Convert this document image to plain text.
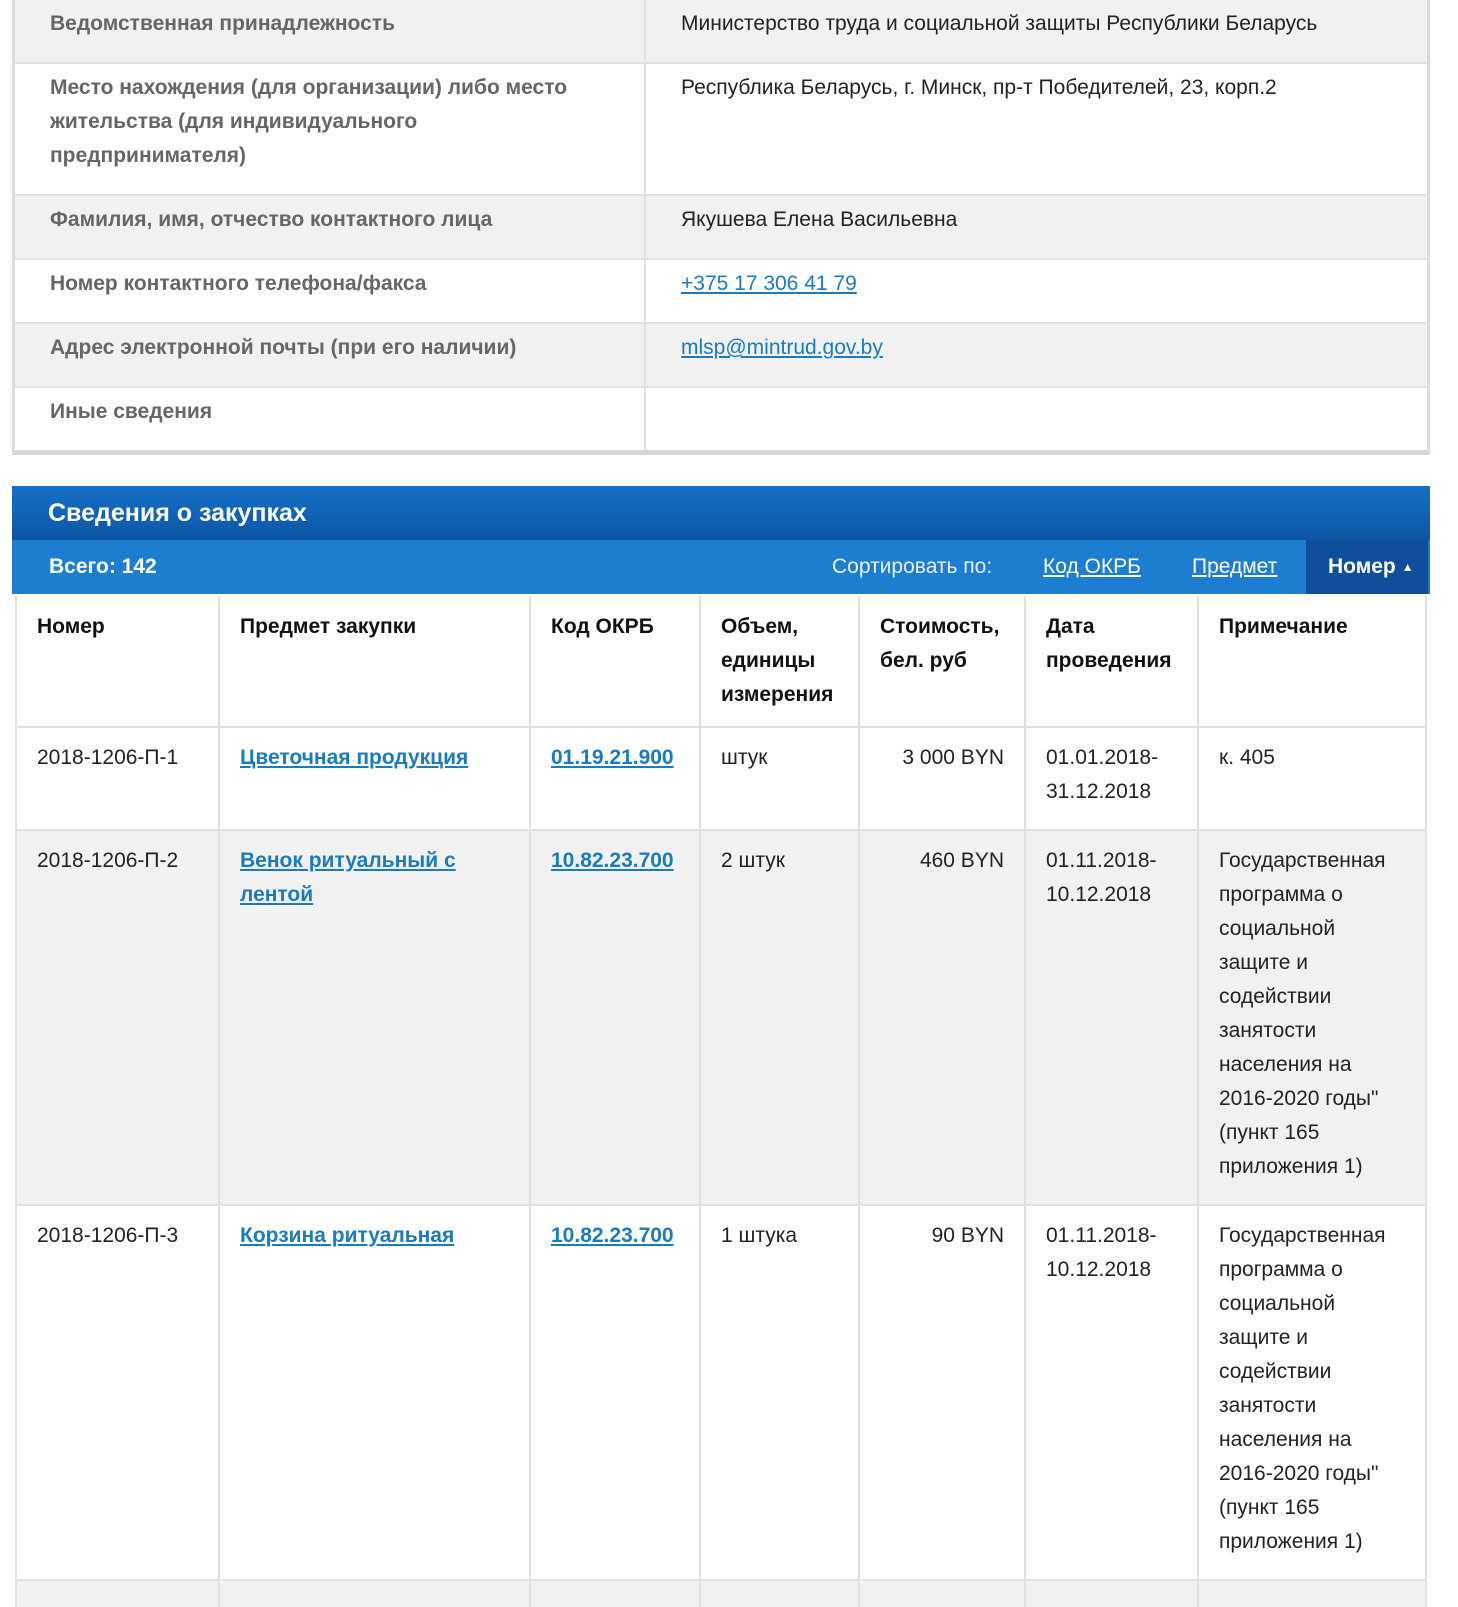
Ведомственная принадлежность	Министерство труда и социальной защиты Республики Беларусь
Место нахождения (для организации) либо место жительства (для индивидуального предпринимателя)	Республика Беларусь, г. Минск, пр-т Победителей, 23, корп.2
Фамилия, имя, отчество контактного лица	Якушева Елена Васильевна
Номер контактного телефона/факса	+375 17 306 41 79
Адрес электронной почты (при его наличии)	mlsp@mintrud.gov.by
Иные сведения	
Сведения о закупках
Всего: 142	Сортировать по: Код ОКРБ Предмет	Номер ▲
Номер	Предмет закупки	Код ОКРБ	Объем, единицы измерения	Стоимость, бел. руб	Дата проведения	Примечание
2018-1206-П-1	Цветочная продукция	01.19.21.900	штук	3 000 BYN	01.01.2018-31.12.2018	к. 405
2018-1206-П-2	Венок ритуальный с лентой	10.82.23.700	2 штук	460 BYN	01.11.2018-10.12.2018	Государственная программа о социальной защите и содействии занятости населения на 2016-2020 годы" (пункт 165 приложения 1)
2018-1206-П-3	Корзина ритуальная	10.82.23.700	1 штука	90 BYN	01.11.2018-10.12.2018	Государственная программа о социальной защите и содействии занятости населения на 2016-2020 годы" (пункт 165 приложения 1)
